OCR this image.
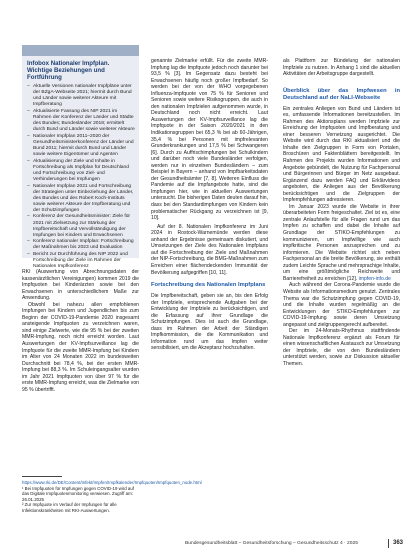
Infobox Nationaler Impfplan. Wichtige Beziehungen und Fortführung

– Aktuelle Versionen nationaler Impfpläne unter der BZgA-Webseite 2021; hiermit durch Bund und Länder sowie weiterer Akteure mit Impfberatung
– Aktualisierte Fassung des NIP 2021 im Rahmen der Konferenz der Länder und Städte des Bundes; Bundesländer 2018; ermittelt durch Bund und Länder sowie weiterer Akteure
– Nationaler Impfplan 2011–2020 der Gesundheitsministerkonferenz der Länder und Bund 2011; hiermit durch Bund und Länder sowie weitere Eigentümer und Agenten
– Aktualisierung der Ziele und Inhalte in Fortschreibung als Impfplan für Deutschland und Fortschreibung von Ziel- und Verhinderungen bei Impfungen
– Nationaler Impfplan 2021 und Fortschreibung der Strategien unter Einbeziehung der Länder, des Bundes und des Robert Koch-Instituts sowie weiterer Akteure der Impfberatung und der Schutzimpfungen
– Konferenz der Gesundheitsminister: Ziele für 2021 mit Zielsetzung zur Stärkung der Impfbereitschaft und Vervollständigung der Impfungen bei Kindern und Erwachsenen
– Konferenz nationaler Impfplan: Fortschreibung der Maßnahmen bis 2023 und Evaluation
– Bericht zur Durchführung des NIP 2022 und Fortschreibung der Ziele im Rahmen der Nationalen Impfkonferenz

RKI (Auswertung von Abrechnungsdaten der kassenärztlichen Vereinigungen) kommen 2019 die Impfquoten bei Kinderärzten sowie bei den Erwachsenen in unterschiedlichem Maße zur Anwendung.

Obwohl bei nahezu allen empfohlenen Impfungen bei Kindern und Jugendlichen bis zum Beginn der COVID-19-Pandemie 2020 insgesamt ansteigende Impfquoten zu verzeichnen waren, sind einige Zielwerte, wie die 95 % bei der zweiten MMR-Impfung, noch nicht erreicht worden. Laut Auswertungen der KV-Impfsurveillance lag die Impfquote für die zweite MMR-Impfung bei Kindern im Alter von 24 Monaten 2022 im bundesweiten Durchschnitt bei 78,4 %, bei der ersten MMR-Impfung bei 88,3 %. Im Schuleingangsalter wurden im Jahr 2021 Impfquoten von über 97 % für die erste MMR-Impfung erreicht, was die Zielmarke von 95 % übertrifft.

https://www.rki.de/DE/Content/Infekt/Impfen/Impfkalender/Impfquoten/Impfquoten_node.html

¹ Bei Impfquoten für Impfungen gegen COVID-19 wird auf das Digitale Impfquotenmonitoring verwiesen. Zugriff am: 26.01.2025

² Zur Impfquote im Verlauf der Impfungen für alle Infektionskrankheiten mit RKI-Auswertungen.

genannte Zielmarke erfüllt. Für die zweite MMR-Impfung lag die Impfquote jedoch noch darunter bei 93,5 % [3]. Im Gegensatz dazu besteht bei Erwachsenen häufig noch großer Impfbedarf. So werden bei der von der WHO vorgegebenen Influenza-Impfquote von 75 % für Senioren und Senioren sowie weitere Risikogruppen, die auch in den nationalen Impfzielen aufgenommen wurde, in Deutschland noch nicht erreicht. Laut Auswertungen der KV-Impfsurveillance lag die Impfquote in der Saison 2020/2021 in den Indikationsgruppen bei 65,3 % bei ab 60-Jährigen, 35,4 % bei Personen mit impfrelevanten Grunderkrankungen und 17,5 % bei Schwangeren [6]. Durch zu Auffrischimpfungen bei Schulkindern und darüber noch viele Bundesländer verfolgen, werden nur in einzelnen Bundesländern – zum Beispiel in Bayern – anhand von Impfbarkeitsdaten der Gesundheitsämter [7, 8]. Weiteren Einfluss die Pandemie auf die Impfangebote hatte, sind die Impfungen hier, wie in aktuellen Auswertungen untersucht. Die bisherigen Daten deuten darauf hin, dass bei den Standardimpfungen von Kindern kein problematischer Rückgang zu verzeichnen ist [9, 10].

Auf der 8. Nationalen Impfkonferenz im Juni 2024 in Rostock-Warnemünde werden diese anhand der Ergebnisse gemeinsam diskutiert, und Umsetzungen der Ziele des Nationalen Impfplans auf die Fortschreibung der Ziele und Maßnahmen der NIP-Fortschreibung, die BMG-Maßnahmen zum Erreichen einer flächendeckenden Immunität der Bevölkerung aufgegriffen [10, 11].

Fortschreibung des Nationalen Impfplans

Die Impfbereitschaft, geben sie an, bis den Erfolg der Impfziele, entsprechende Aufgaben bei der Entwicklung der Impfziele zu berücksichtigen, und die Erfassung auf ihrer Grundlage die Schutzimpfungen. Dies ist auch die Grundlage, dass im Rahmen der Arbeit der Ständigen Impfkommission, die die Kommunikation und Information rund um das Impfen weiter sensibilisiert, um die Akzeptanz hochzuhalten.

als Plattform zur Bündelung der nationalen Impfziele zu nutzen. In Anhang 1 sind die aktuellen Aktivitäten der Arbeitsgruppe dargestellt.

Überblick über das Impfwesen in Deutschland auf der NaLI-Webseite

Ein zentrales Anliegen von Bund und Ländern ist es, umfassende Informationen bereitzustellen. Im Rahmen des Aktionsplans werden Impfziele zur Erreichung der Impfquoten und Impfberatung und einer besseren Vernetzung ausgerichtet. Die Website wird durch das RKI aktualisiert und die Inhalte den Zielgruppen in Form von Portalen, Broschüren und Faktenblättern bereitgestellt. Im Rahmen des Projekts wurden Informationen und Angebote gebündelt, die Nutzung für Fachpersonal und Bürgerinnen und Bürger im Netz ausgebaut. Ergänzend dazu werden FAQ und Erklärvideos angeboten, die Anliegen aus der Bevölkerung berücksichtigen und die Zielgruppen der Impfempfehlungen adressieren.

Im Januar 2023 wurde die Website in ihrer überarbeiteten Form freigeschaltet. Ziel ist es, eine zentrale Anlaufstelle für alle Fragen rund um das Impfen zu schaffen und dabei die Inhalte auf Grundlage der STIKO-Empfehlungen zu kommunizieren, um Impfwillige wie auch impfkritische Personen anzusprechen und zu informieren. Die Website richtet sich neben Fachpersonal an die breite Bevölkerung, sie enthält zudem Leichte Sprache und mehrsprachige Inhalte, um eine größtmögliche Reichweite und Barrierefreiheit zu erreichen [12]. impfen-info.de

Auch während der Corona-Pandemie wurde die Website als Informationsmedium genutzt. Zentrales Thema war die Schutzimpfung gegen COVID-19, und die Inhalte wurden regelmäßig an die Entwicklungen der STIKO-Empfehlungen zur COVID-19-Impfung sowie deren Umsetzung angepasst und zielgruppengerecht aufbereitet.

Der im 24-Monats-Rhythmus stattfindende Nationale Impfkonferenz ergänzt als Forum für einen wissenschaftlichen Austausch zur Umsetzung der Impfziele, die von den Bundesländern unterstützt werden, sowie zur Diskussion aktueller Themen.

Bundesgesundheitsblatt – Gesundheitsforschung – Gesundheitsschutz 4 · 2025	363
